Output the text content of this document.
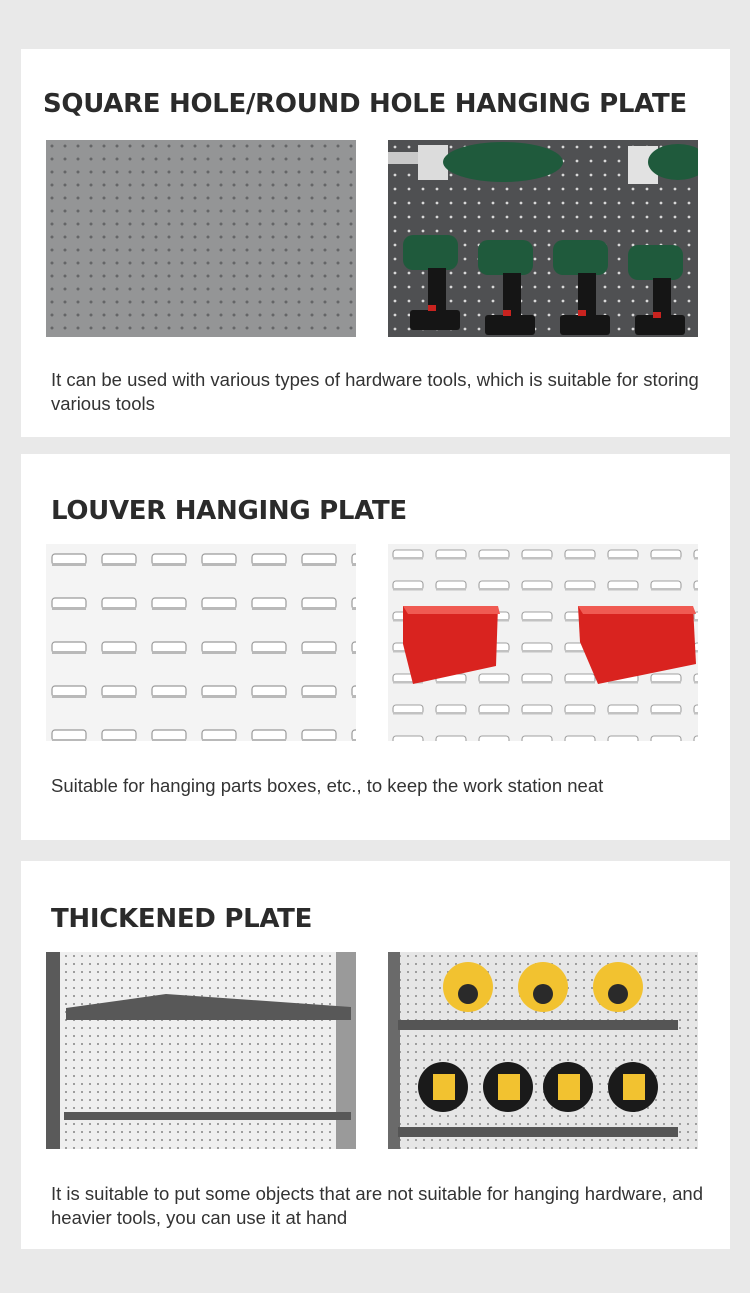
SQUARE HOLE/ROUND HOLE HANGING PLATE

It can be used with various types of hardware tools, which is suitable for storing various tools

LOUVER HANGING PLATE

Suitable for hanging parts boxes, etc., to keep the work station neat

THICKENED PLATE

It is suitable to put some objects that are not suitable for hanging hardware, and heavier tools, you can use it at hand
